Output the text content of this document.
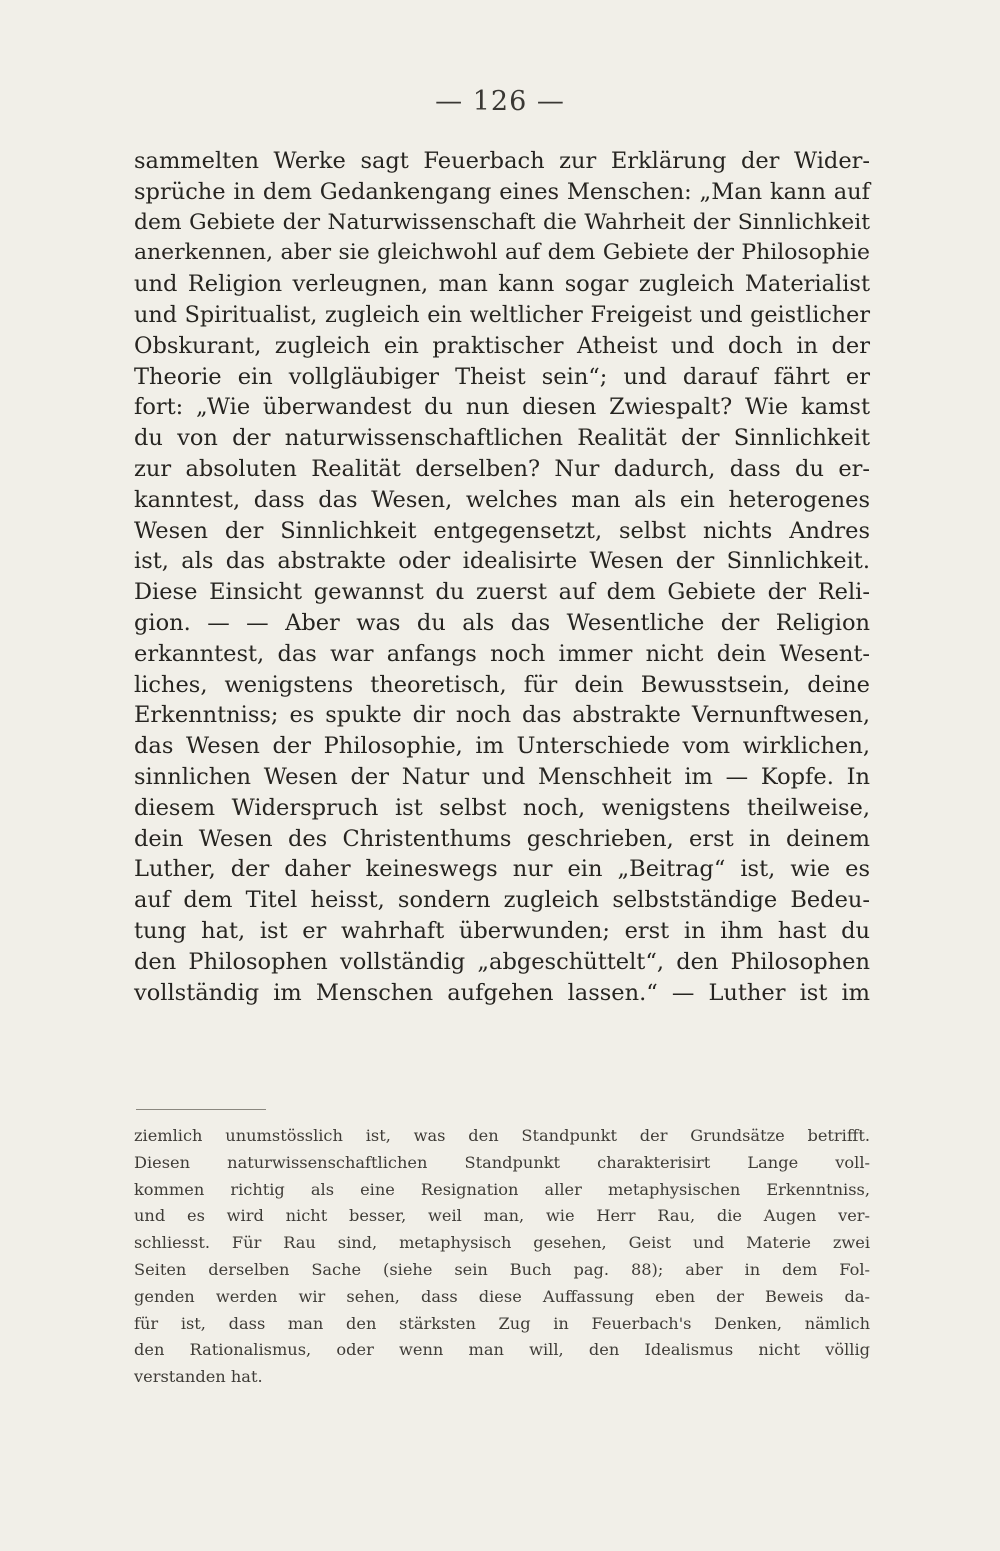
— 126 —
sammelten Werke sagt Feuerbach zur Erklärung der Wider-
sprüche in dem Gedankengang eines Menschen: „Man kann auf
dem Gebiete der Naturwissenschaft die Wahrheit der Sinnlichkeit
anerkennen, aber sie gleichwohl auf dem Gebiete der Philosophie
und Religion verleugnen, man kann sogar zugleich Materialist
und Spiritualist, zugleich ein weltlicher Freigeist und geistlicher
Obskurant, zugleich ein praktischer Atheist und doch in der
Theorie ein vollgläubiger Theist sein“; und darauf fährt er
fort: „Wie überwandest du nun diesen Zwiespalt? Wie kamst
du von der naturwissenschaftlichen Realität der Sinnlichkeit
zur absoluten Realität derselben? Nur dadurch, dass du er-
kanntest, dass das Wesen, welches man als ein heterogenes
Wesen der Sinnlichkeit entgegensetzt, selbst nichts Andres
ist, als das abstrakte oder idealisirte Wesen der Sinnlichkeit.
Diese Einsicht gewannst du zuerst auf dem Gebiete der Reli-
gion. — — Aber was du als das Wesentliche der Religion
erkanntest, das war anfangs noch immer nicht dein Wesent-
liches, wenigstens theoretisch, für dein Bewusstsein, deine
Erkenntniss; es spukte dir noch das abstrakte Vernunftwesen,
das Wesen der Philosophie, im Unterschiede vom wirklichen,
sinnlichen Wesen der Natur und Menschheit im — Kopfe. In
diesem Widerspruch ist selbst noch, wenigstens theilweise,
dein Wesen des Christenthums geschrieben, erst in deinem
Luther, der daher keineswegs nur ein „Beitrag“ ist, wie es
auf dem Titel heisst, sondern zugleich selbstständige Bedeu-
tung hat, ist er wahrhaft überwunden; erst in ihm hast du
den Philosophen vollständig „abgeschüttelt“, den Philosophen
vollständig im Menschen aufgehen lassen.“ — Luther ist im
ziemlich unumstösslich ist, was den Standpunkt der Grundsätze betrifft.
Diesen naturwissenschaftlichen Standpunkt charakterisirt Lange voll-
kommen richtig als eine Resignation aller metaphysischen Erkenntniss,
und es wird nicht besser, weil man, wie Herr Rau, die Augen ver-
schliesst. Für Rau sind, metaphysisch gesehen, Geist und Materie zwei
Seiten derselben Sache (siehe sein Buch pag. 88); aber in dem Fol-
genden werden wir sehen, dass diese Auffassung eben der Beweis da-
für ist, dass man den stärksten Zug in Feuerbach's Denken, nämlich
den Rationalismus, oder wenn man will, den Idealismus nicht völlig
verstanden hat.
